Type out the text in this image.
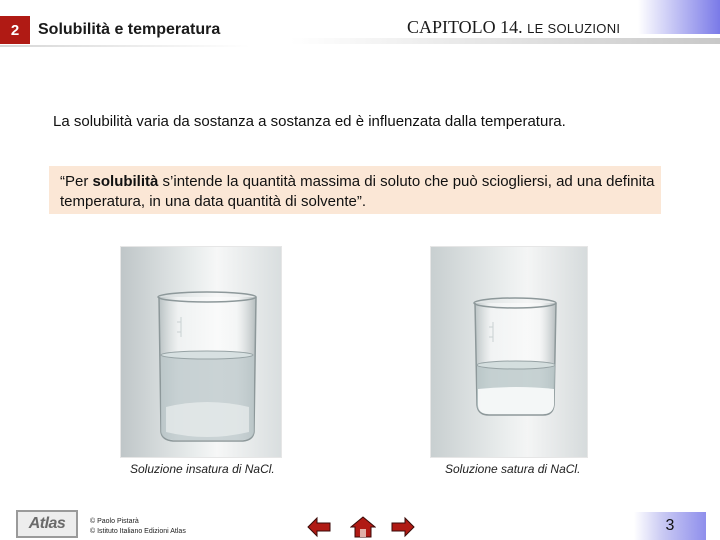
2	Solubilità e temperatura	CAPITOLO 14. LE SOLUZIONI
La solubilità varia da sostanza a sostanza ed è influenzata dalla temperatura.
“Per solubilità s’intende la quantità massima di soluto che può sciogliersi, ad una definita temperatura, in una data quantità di solvente”.
Soluzione insatura di NaCl.	Soluzione satura di NaCl.
Atlas	© Paolo Pistarà
© Istituto Italiano Edizioni Atlas	3
